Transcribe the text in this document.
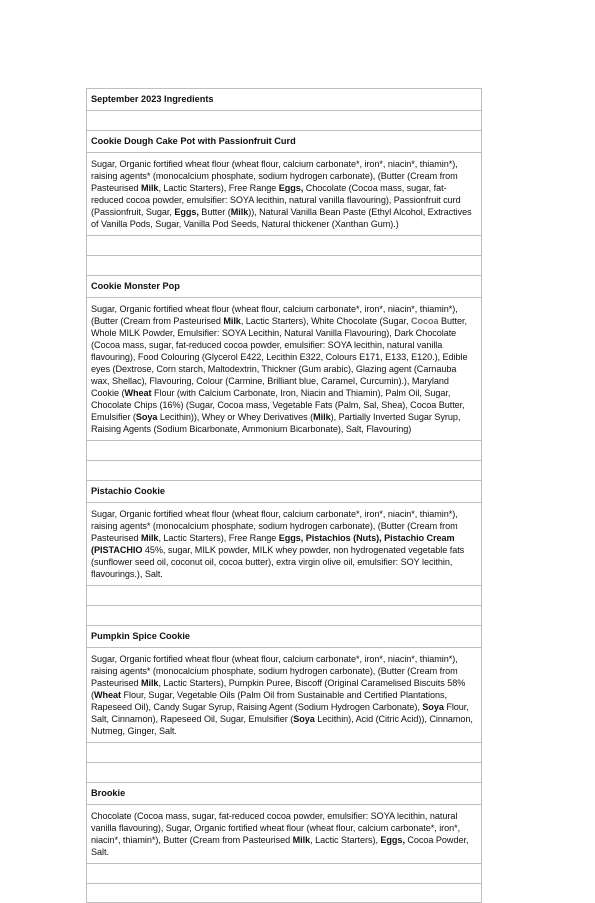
September 2023 Ingredients
Cookie Dough Cake Pot with Passionfruit Curd
Sugar, Organic fortified wheat flour (wheat flour, calcium carbonate*, iron*, niacin*, thiamin*), raising agents* (monocalcium phosphate, sodium hydrogen carbonate), (Butter (Cream from Pasteurised Milk, Lactic Starters), Free Range Eggs, Chocolate (Cocoa mass, sugar, fat-reduced cocoa powder, emulsifier: SOYA lecithin, natural vanilla flavouring), Passionfruit curd (Passionfruit, Sugar, Eggs, Butter (Milk)), Natural Vanilla Bean Paste (Ethyl Alcohol, Extractives of Vanilla Pods, Sugar, Vanilla Pod Seeds, Natural thickener (Xanthan Gum).)
Cookie Monster Pop
Sugar, Organic fortified wheat flour (wheat flour, calcium carbonate*, iron*, niacin*, thiamin*), (Butter (Cream from Pasteurised Milk, Lactic Starters), White Chocolate (Sugar, Cocoa Butter, Whole MILK Powder, Emulsifier: SOYA Lecithin, Natural Vanilla Flavouring), Dark Chocolate (Cocoa mass, sugar, fat-reduced cocoa powder, emulsifier: SOYA lecithin, natural vanilla flavouring), Food Colouring (Glycerol E422, Lecithin E322, Colours E171, E133, E120.), Edible eyes (Dextrose, Corn starch, Maltodextrin, Thickner (Gum arabic), Glazing agent (Carnauba wax, Shellac), Flavouring, Colour (Carmine, Brilliant blue, Caramel, Curcumin).), Maryland Cookie (Wheat Flour (with Calcium Carbonate, Iron, Niacin and Thiamin), Palm Oil, Sugar, Chocolate Chips (16%) (Sugar, Cocoa mass, Vegetable Fats (Palm, Sal, Shea), Cocoa Butter, Emulsifier (Soya Lecithin)), Whey or Whey Derivatives (Milk), Partially Inverted Sugar Syrup, Raising Agents (Sodium Bicarbonate, Ammonium Bicarbonate), Salt, Flavouring)
Pistachio Cookie
Sugar, Organic fortified wheat flour (wheat flour, calcium carbonate*, iron*, niacin*, thiamin*), raising agents* (monocalcium phosphate, sodium hydrogen carbonate), (Butter (Cream from Pasteurised Milk, Lactic Starters), Free Range Eggs, Pistachios (Nuts), Pistachio Cream (PISTACHIO 45%, sugar, MILK powder, MILK whey powder, non hydrogenated vegetable fats (sunflower seed oil, coconut oil, cocoa butter), extra virgin olive oil, emulsifier: SOY lecithin, flavourings.), Salt.
Pumpkin Spice Cookie
Sugar, Organic fortified wheat flour (wheat flour, calcium carbonate*, iron*, niacin*, thiamin*), raising agents* (monocalcium phosphate, sodium hydrogen carbonate), (Butter (Cream from Pasteurised Milk, Lactic Starters), Pumpkin Puree, Biscoff (Original Caramelised Biscuits 58% (Wheat Flour, Sugar, Vegetable Oils (Palm Oil from Sustainable and Certified Plantations, Rapeseed Oil), Candy Sugar Syrup, Raising Agent (Sodium Hydrogen Carbonate), Soya Flour, Salt, Cinnamon), Rapeseed Oil, Sugar, Emulsifier (Soya Lecithin), Acid (Citric Acid)), Cinnamon, Nutmeg, Ginger, Salt.
Brookie
Chocolate (Cocoa mass, sugar, fat-reduced cocoa powder, emulsifier: SOYA lecithin, natural vanilla flavouring), Sugar, Organic fortified wheat flour (wheat flour, calcium carbonate*, iron*, niacin*, thiamin*), Butter (Cream from Pasteurised Milk, Lactic Starters), Eggs, Cocoa Powder, Salt.
